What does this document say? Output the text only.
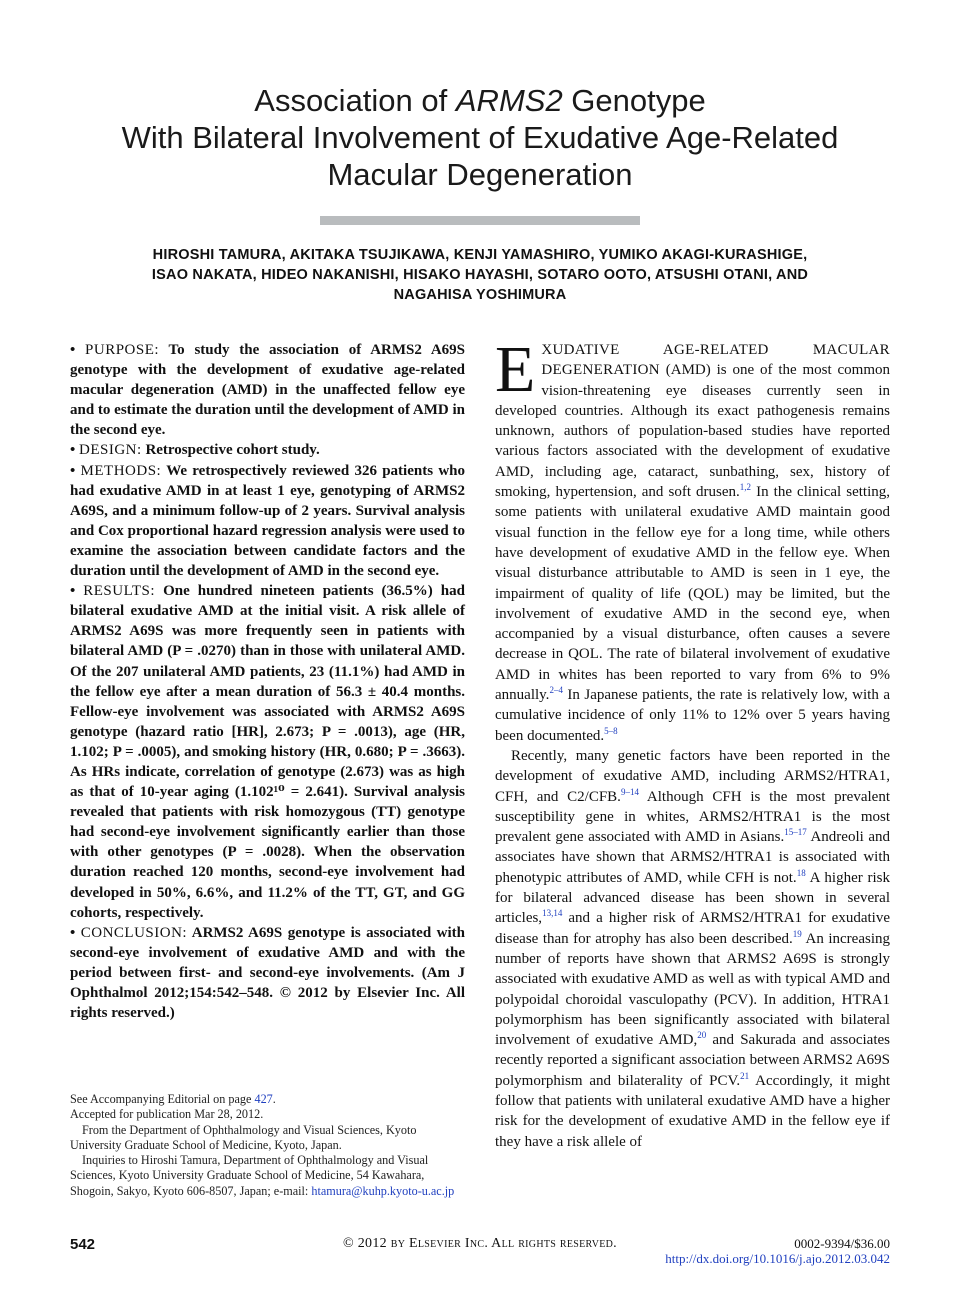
Association of ARMS2 Genotype
With Bilateral Involvement of Exudative Age-Related
Macular Degeneration
HIROSHI TAMURA, AKITAKA TSUJIKAWA, KENJI YAMASHIRO, YUMIKO AKAGI-KURASHIGE,
ISAO NAKATA, HIDEO NAKANISHI, HISAKO HAYASHI, SOTARO OOTO, ATSUSHI OTANI, AND
NAGAHISA YOSHIMURA

• PURPOSE: To study the association of ARMS2 A69S genotype with the development of exudative age-related macular degeneration (AMD) in the unaffected fellow eye and to estimate the duration until the development of AMD in the second eye.

• DESIGN: Retrospective cohort study.

• METHODS: We retrospectively reviewed 326 patients who had exudative AMD in at least 1 eye, genotyping of ARMS2 A69S, and a minimum follow-up of 2 years. Survival analysis and Cox proportional hazard regression analysis were used to examine the association between candidate factors and the duration until the development of AMD in the second eye.

• RESULTS: One hundred nineteen patients (36.5%) had bilateral exudative AMD at the initial visit. A risk allele of ARMS2 A69S was more frequently seen in patients with bilateral AMD (P = .0270) than in those with unilateral AMD. Of the 207 unilateral AMD patients, 23 (11.1%) had AMD in the fellow eye after a mean duration of 56.3 ± 40.4 months. Fellow-eye involvement was associated with ARMS2 A69S genotype (hazard ratio [HR], 2.673; P = .0013), age (HR, 1.102; P = .0005), and smoking history (HR, 0.680; P = .3663). As HRs indicate, correlation of genotype (2.673) was as high as that of 10-year aging (1.102¹⁰ = 2.641). Survival analysis revealed that patients with risk homozygous (TT) genotype had second-eye involvement significantly earlier than those with other genotypes (P = .0028). When the observation duration reached 120 months, second-eye involvement had developed in 50%, 6.6%, and 11.2% of the TT, GT, and GG cohorts, respectively.

• CONCLUSION: ARMS2 A69S genotype is associated with second-eye involvement of exudative AMD and with the period between first- and second-eye involvements. (Am J Ophthalmol 2012;154:542–548. © 2012 by Elsevier Inc. All rights reserved.)

See Accompanying Editorial on page 427.

Accepted for publication Mar 28, 2012.

From the Department of Ophthalmology and Visual Sciences, Kyoto University Graduate School of Medicine, Kyoto, Japan.

Inquiries to Hiroshi Tamura, Department of Ophthalmology and Visual Sciences, Kyoto University Graduate School of Medicine, 54 Kawahara, Shogoin, Sakyo, Kyoto 606-8507, Japan; e-mail: htamura@kuhp.kyoto-u.ac.jp

EXUDATIVE AGE-RELATED MACULAR DEGENERATION (AMD) is one of the most common vision-threatening eye diseases currently seen in developed countries. Although its exact pathogenesis remains unknown, authors of population-based studies have reported various factors associated with the development of exudative AMD, including age, cataract, sunbathing, sex, history of smoking, hypertension, and soft drusen.$^{1,2}$ In the clinical setting, some patients with unilateral exudative AMD maintain good visual function in the fellow eye for a long time, while others have development of exudative AMD in the fellow eye. When visual disturbance attributable to AMD is seen in 1 eye, the impairment of quality of life (QOL) may be limited, but the involvement of exudative AMD in the second eye, when accompanied by a visual disturbance, often causes a severe decrease in QOL. The rate of bilateral involvement of exudative AMD in whites has been reported to vary from 6% to 9% annually.$^{2-4}$ In Japanese patients, the rate is relatively low, with a cumulative incidence of only 11% to 12% over 5 years having been documented.$^{5-8}$

Recently, many genetic factors have been reported in the development of exudative AMD, including ARMS2/HTRA1, CFH, and C2/CFB.$^{9-14}$ Although CFH is the most prevalent susceptibility gene in whites, ARMS2/HTRA1 is the most prevalent gene associated with AMD in Asians.$^{15-17}$ Andreoli and associates have shown that ARMS2/HTRA1 is associated with phenotypic attributes of AMD, while CFH is not.$^{18}$ A higher risk for bilateral advanced disease has been shown in several articles,$^{13,14}$ and a higher risk of ARMS2/HTRA1 for exudative disease than for atrophy has also been described.$^{19}$ An increasing number of reports have shown that ARMS2 A69S is strongly associated with exudative AMD as well as with typical AMD and polypoidal choroidal vasculopathy (PCV). In addition, HTRA1 polymorphism has been significantly associated with bilateral involvement of exudative AMD,$^{20}$ and Sakurada and associates recently reported a significant association between ARMS2 A69S polymorphism and bilaterality of PCV.$^{21}$ Accordingly, it might follow that patients with unilateral exudative AMD have a higher risk for the development of exudative AMD in the fellow eye if they have a risk allele of

542	© 2012 by Elsevier Inc. All rights reserved.	0002-9394/$36.00
http://dx.doi.org/10.1016/j.ajo.2012.03.042
